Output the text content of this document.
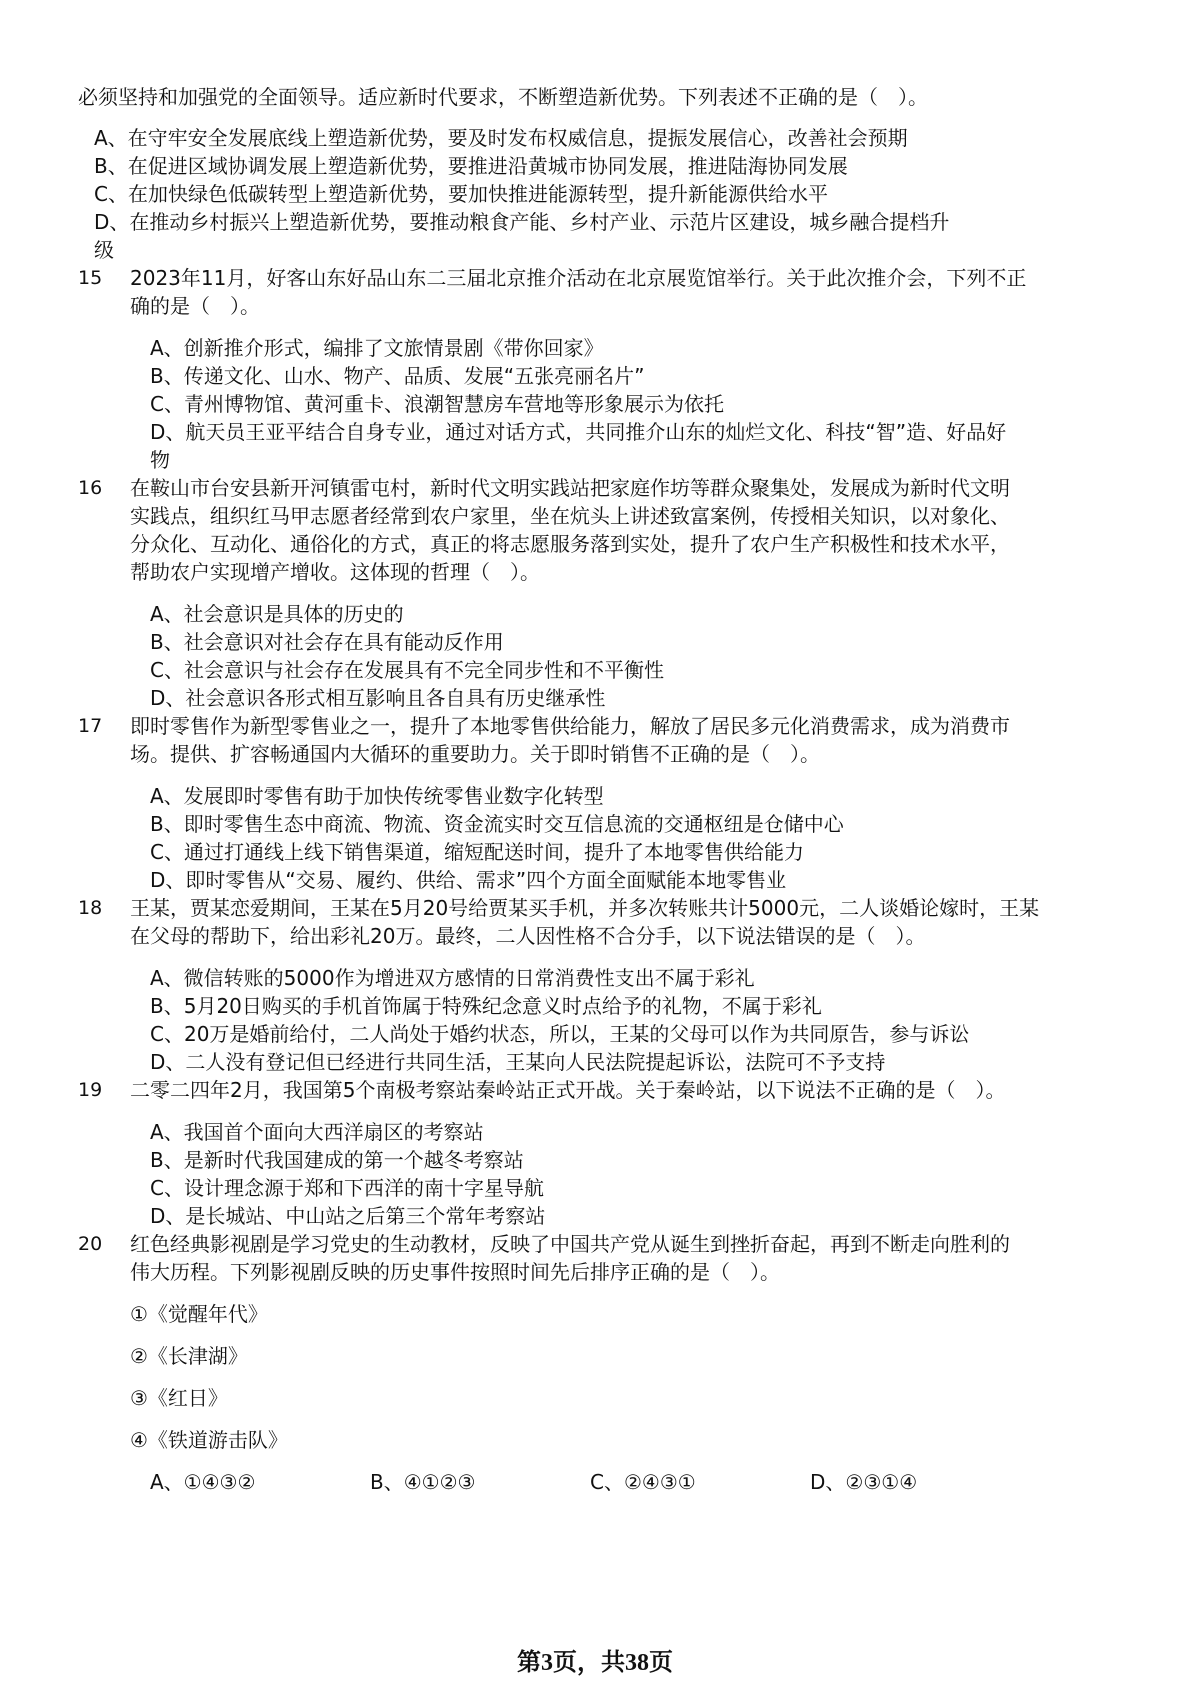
必须坚持和加强党的全面领导。适应新时代要求，不断塑造新优势。下列表述不正确的是（　）。
A、在守牢安全发展底线上塑造新优势，要及时发布权威信息，提振发展信心，改善社会预期
B、在促进区域协调发展上塑造新优势，要推进沿黄城市协同发展，推进陆海协同发展
C、在加快绿色低碳转型上塑造新优势，要加快推进能源转型，提升新能源供给水平
D、在推动乡村振兴上塑造新优势，要推动粮食产能、乡村产业、示范片区建设，城乡融合提档升
级
15 2023年11月，好客山东好品山东二三届北京推介活动在北京展览馆举行。关于此次推介会，下列不正
确的是（　）。
A、创新推介形式，编排了文旅情景剧《带你回家》
B、传递文化、山水、物产、品质、发展“五张亮丽名片”
C、青州博物馆、黄河重卡、浪潮智慧房车营地等形象展示为依托
D、航天员王亚平结合自身专业，通过对话方式，共同推介山东的灿烂文化、科技“智”造、好品好
物
16 在鞍山市台安县新开河镇雷屯村，新时代文明实践站把家庭作坊等群众聚集处，发展成为新时代文明
实践点，组织红马甲志愿者经常到农户家里，坐在炕头上讲述致富案例，传授相关知识，以对象化、
分众化、互动化、通俗化的方式，真正的将志愿服务落到实处，提升了农户生产积极性和技术水平，
帮助农户实现增产增收。这体现的哲理（　）。
A、社会意识是具体的历史的
B、社会意识对社会存在具有能动反作用
C、社会意识与社会存在发展具有不完全同步性和不平衡性
D、社会意识各形式相互影响且各自具有历史继承性
17 即时零售作为新型零售业之一，提升了本地零售供给能力，解放了居民多元化消费需求，成为消费市
场。提供、扩容畅通国内大循环的重要助力。关于即时销售不正确的是（　）。
A、发展即时零售有助于加快传统零售业数字化转型
B、即时零售生态中商流、物流、资金流实时交互信息流的交通枢纽是仓储中心
C、通过打通线上线下销售渠道，缩短配送时间，提升了本地零售供给能力
D、即时零售从“交易、履约、供给、需求”四个方面全面赋能本地零售业
18 王某，贾某恋爱期间，王某在5月20号给贾某买手机，并多次转账共计5000元，二人谈婚论嫁时，王某
在父母的帮助下，给出彩礼20万。最终，二人因性格不合分手，以下说法错误的是（　）。
A、微信转账的5000作为增进双方感情的日常消费性支出不属于彩礼
B、5月20日购买的手机首饰属于特殊纪念意义时点给予的礼物，不属于彩礼
C、20万是婚前给付，二人尚处于婚约状态，所以，王某的父母可以作为共同原告，参与诉讼
D、二人没有登记但已经进行共同生活，王某向人民法院提起诉讼，法院可不予支持
19 二零二四年2月，我国第5个南极考察站秦岭站正式开战。关于秦岭站，以下说法不正确的是（　）。
A、我国首个面向大西洋扇区的考察站
B、是新时代我国建成的第一个越冬考察站
C、设计理念源于郑和下西洋的南十字星导航
D、是长城站、中山站之后第三个常年考察站
20 红色经典影视剧是学习党史的生动教材，反映了中国共产党从诞生到挫折奋起，再到不断走向胜利的
伟大历程。下列影视剧反映的历史事件按照时间先后排序正确的是（　）。
①《觉醒年代》
②《长津湖》
③《红日》
④《铁道游击队》
A、①④③②	B、④①②③	C、②④③①	D、②③①④
第3页，共38页
